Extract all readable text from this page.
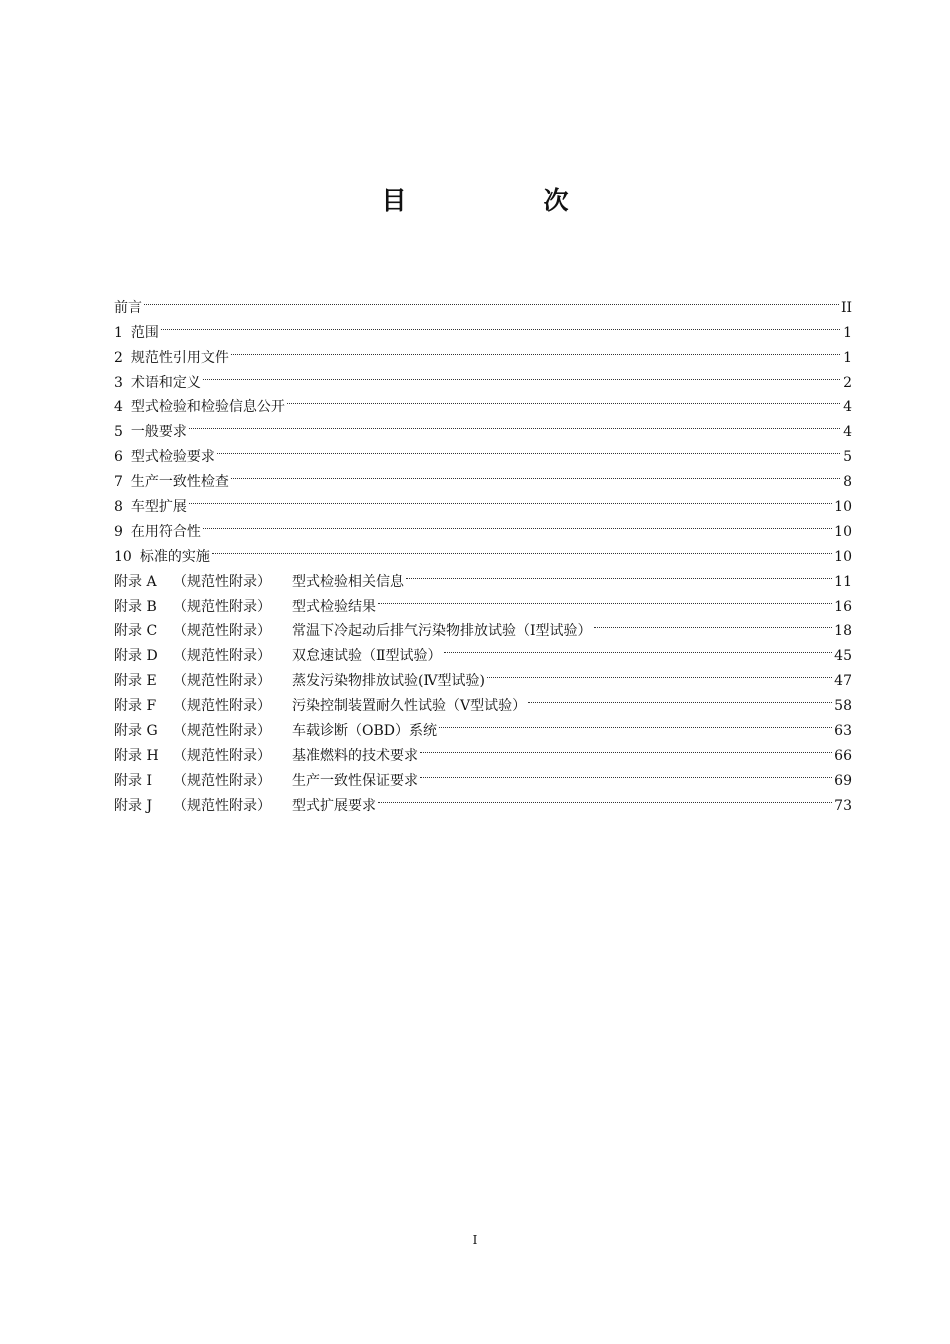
目　次
前言	II
1 范围	1
2 规范性引用文件	1
3 术语和定义	2
4 型式检验和检验信息公开	4
5 一般要求	4
6 型式检验要求	5
7 生产一致性检查	8
8 车型扩展	10
9 在用符合性	10
10 标准的实施	10
附录 A	（规范性附录）	型式检验相关信息	11
附录 B	（规范性附录）	型式检验结果	16
附录 C	（规范性附录）	常温下冷起动后排气污染物排放试验（Ⅰ型试验）	18
附录 D	（规范性附录）	双怠速试验（Ⅱ型试验）	45
附录 E	（规范性附录）	蒸发污染物排放试验(Ⅳ型试验)	47
附录 F	（规范性附录）	污染控制装置耐久性试验（Ⅴ型试验）	58
附录 G	（规范性附录）	车载诊断（OBD）系统	63
附录 H	（规范性附录）	基准燃料的技术要求	66
附录 I	（规范性附录）	生产一致性保证要求	69
附录 J	（规范性附录）	型式扩展要求	73
I
